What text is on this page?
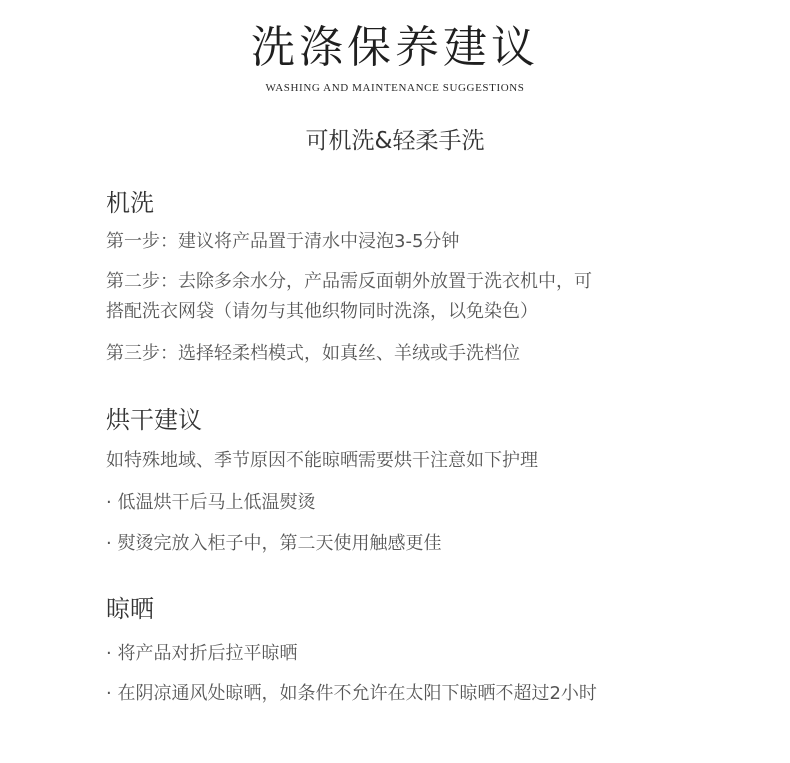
洗涤保养建议
WASHING AND MAINTENANCE SUGGESTIONS
可机洗&轻柔手洗
机洗
第一步：建议将产品置于清水中浸泡3-5分钟
第二步：去除多余水分，产品需反面朝外放置于洗衣机中，可
搭配洗衣网袋（请勿与其他织物同时洗涤，以免染色）
第三步：选择轻柔档模式，如真丝、羊绒或手洗档位
烘干建议
如特殊地域、季节原因不能晾晒需要烘干注意如下护理
· 低温烘干后马上低温熨烫
· 熨烫完放入柜子中，第二天使用触感更佳
晾晒
· 将产品对折后拉平晾晒
· 在阴凉通风处晾晒，如条件不允许在太阳下晾晒不超过2小时
